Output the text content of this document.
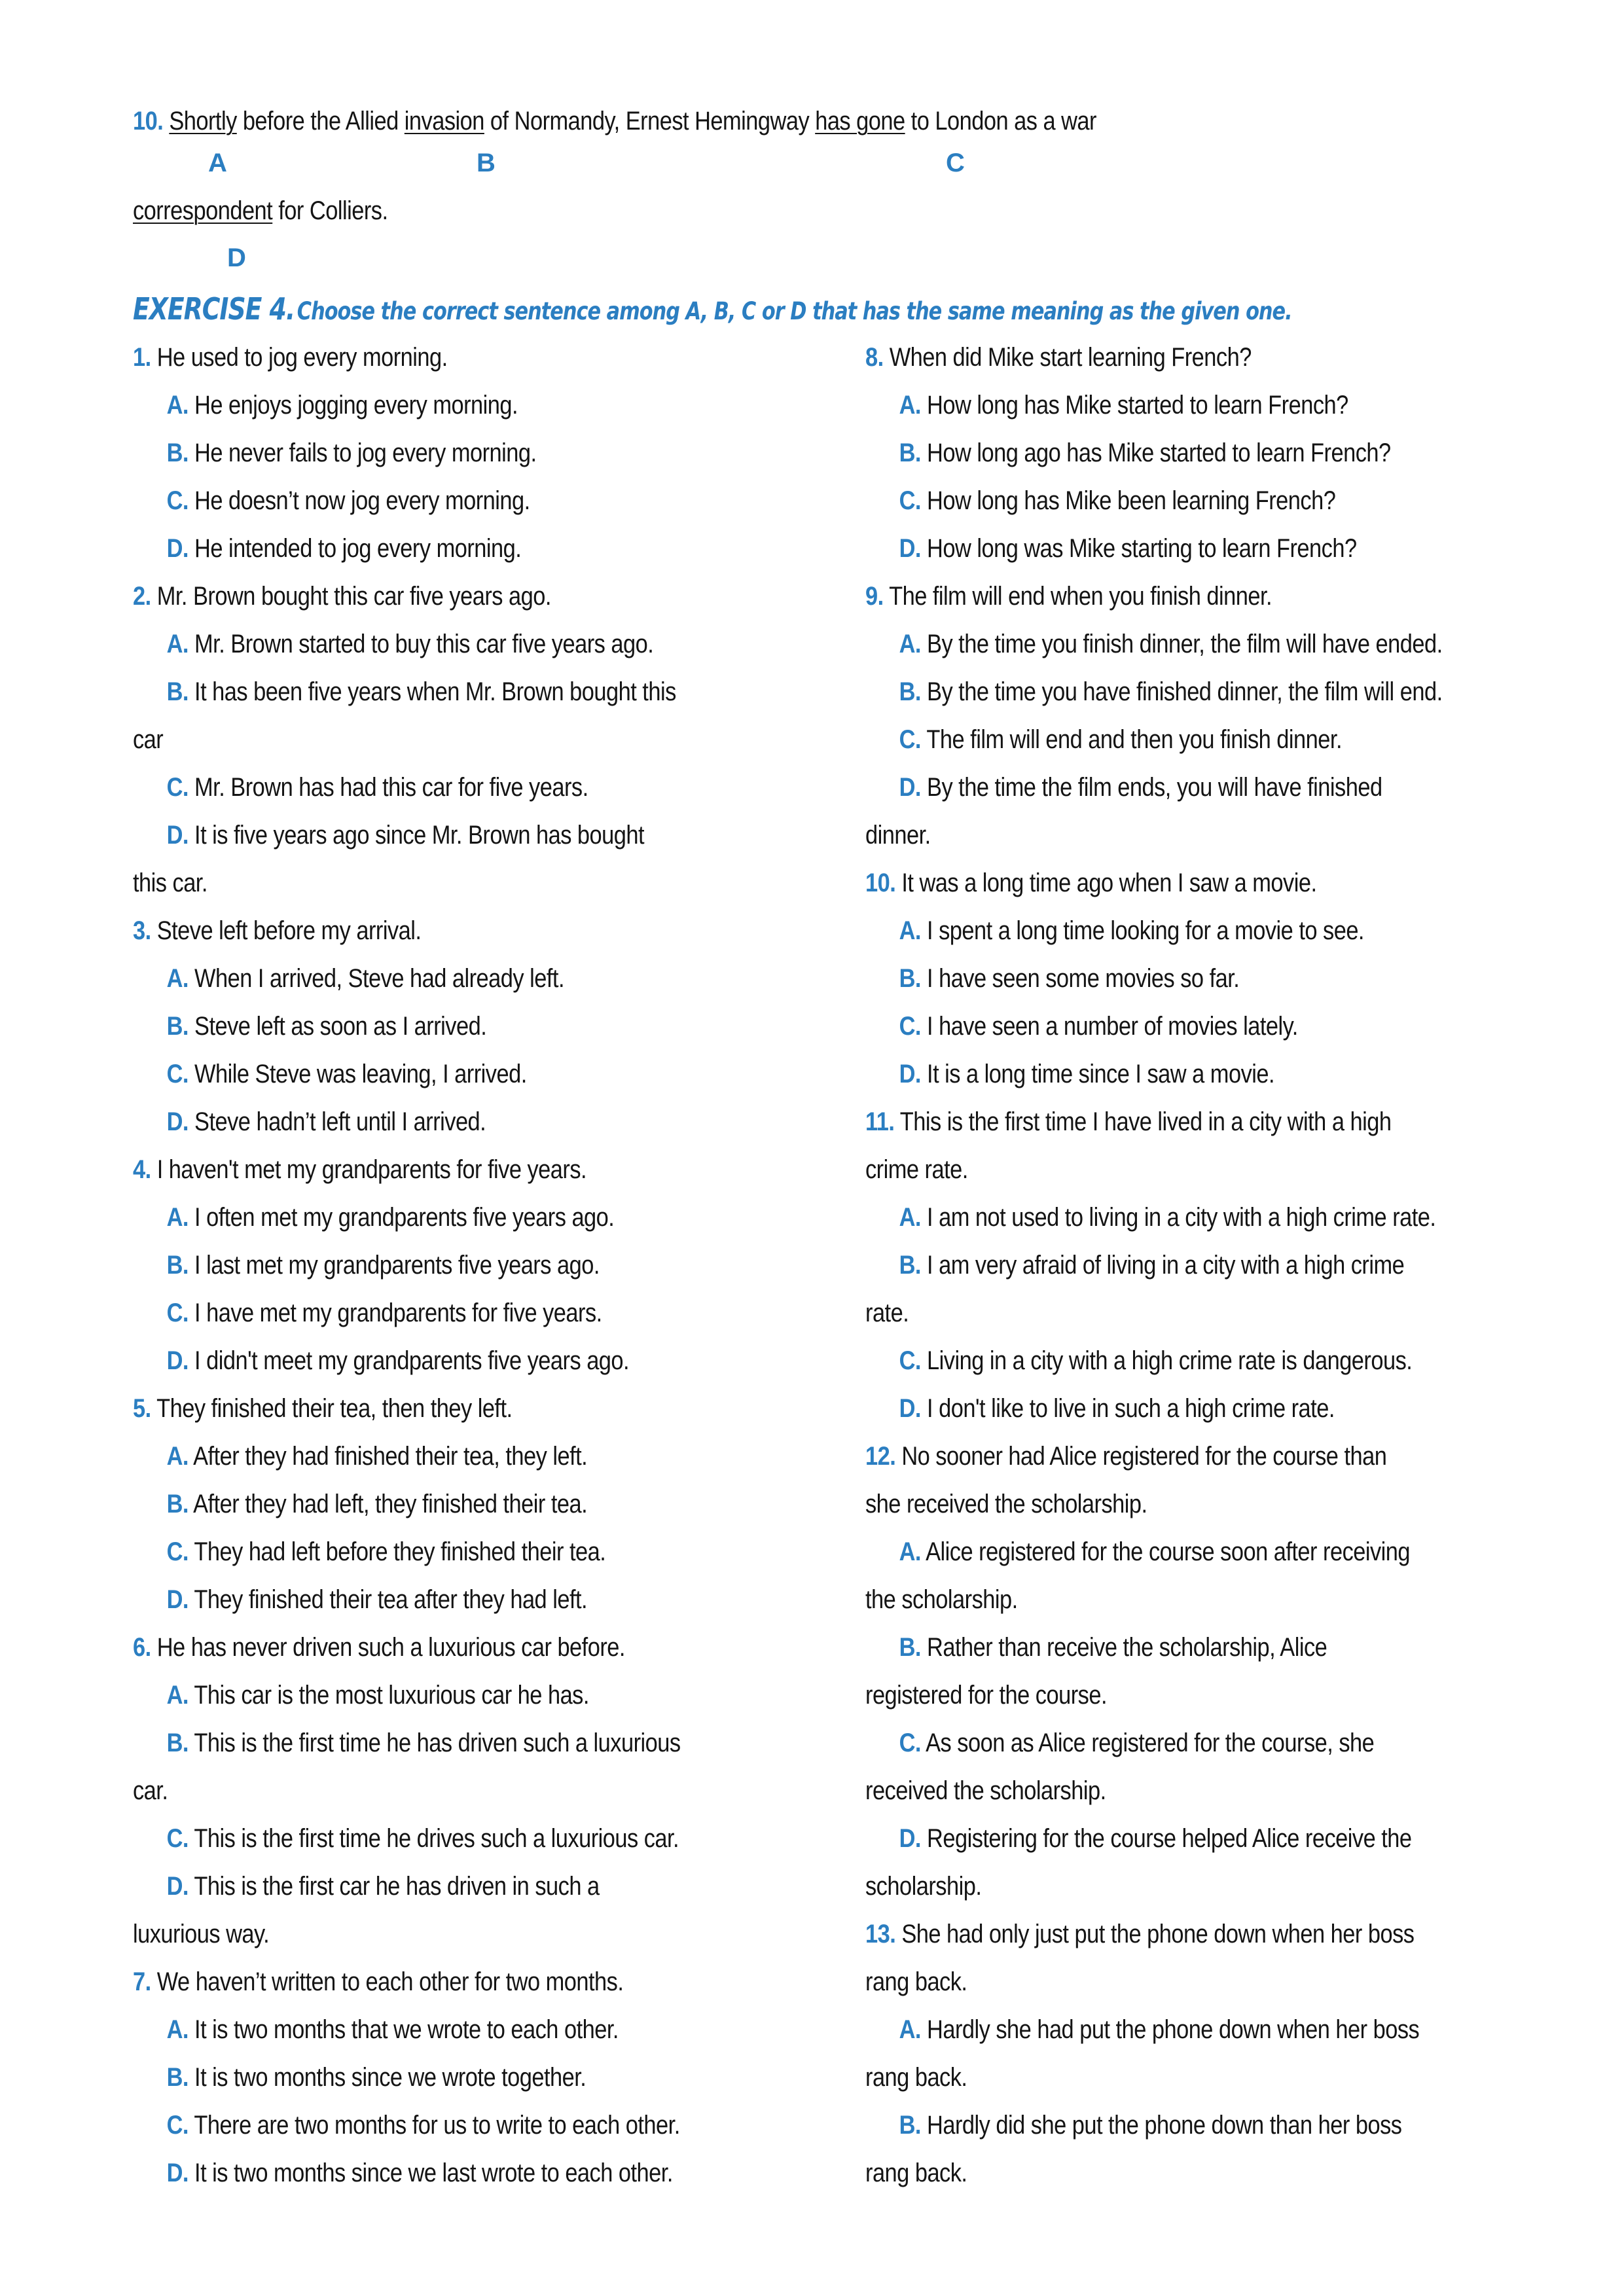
10. Shortly before the Allied invasion of Normandy, Ernest Hemingway has gone to London as a war
A	B	C
correspondent for Colliers.
D
EXERCISE 4. Choose the correct sentence among A, B, C or D that has the same meaning as the given one.
1. He used to jog every morning.
A. He enjoys jogging every morning.
B. He never fails to jog every morning.
C. He doesn’t now jog every morning.
D. He intended to jog every morning.
2. Mr. Brown bought this car five years ago.
A. Mr. Brown started to buy this car five years ago.
B. It has been five years when Mr. Brown bought this
car
C. Mr. Brown has had this car for five years.
D. It is five years ago since Mr. Brown has bought
this car.
3. Steve left before my arrival.
A. When I arrived, Steve had already left.
B. Steve left as soon as I arrived.
C. While Steve was leaving, I arrived.
D. Steve hadn’t left until I arrived.
4. I haven't met my grandparents for five years.
A. I often met my grandparents five years ago.
B. I last met my grandparents five years ago.
C. I have met my grandparents for five years.
D. I didn't meet my grandparents five years ago.
5. They finished their tea, then they left.
A. After they had finished their tea, they left.
B. After they had left, they finished their tea.
C. They had left before they finished their tea.
D. They finished their tea after they had left.
6. He has never driven such a luxurious car before.
A. This car is the most luxurious car he has.
B. This is the first time he has driven such a luxurious
car.
C. This is the first time he drives such a luxurious car.
D. This is the first car he has driven in such a
luxurious way.
7. We haven’t written to each other for two months.
A. It is two months that we wrote to each other.
B. It is two months since we wrote together.
C. There are two months for us to write to each other.
D. It is two months since we last wrote to each other.
8. When did Mike start learning French?
A. How long has Mike started to learn French?
B. How long ago has Mike started to learn French?
C. How long has Mike been learning French?
D. How long was Mike starting to learn French?
9. The film will end when you finish dinner.
A. By the time you finish dinner, the film will have ended.
B. By the time you have finished dinner, the film will end.
C. The film will end and then you finish dinner.
D. By the time the film ends, you will have finished
dinner.
10. It was a long time ago when I saw a movie.
A. I spent a long time looking for a movie to see.
B. I have seen some movies so far.
C. I have seen a number of movies lately.
D. It is a long time since I saw a movie.
11. This is the first time I have lived in a city with a high
crime rate.
A. I am not used to living in a city with a high crime rate.
B. I am very afraid of living in a city with a high crime
rate.
C. Living in a city with a high crime rate is dangerous.
D. I don't like to live in such a high crime rate.
12. No sooner had Alice registered for the course than
she received the scholarship.
A. Alice registered for the course soon after receiving
the scholarship.
B. Rather than receive the scholarship, Alice
registered for the course.
C. As soon as Alice registered for the course, she
received the scholarship.
D. Registering for the course helped Alice receive the
scholarship.
13. She had only just put the phone down when her boss
rang back.
A. Hardly she had put the phone down when her boss
rang back.
B. Hardly did she put the phone down than her boss
rang back.
